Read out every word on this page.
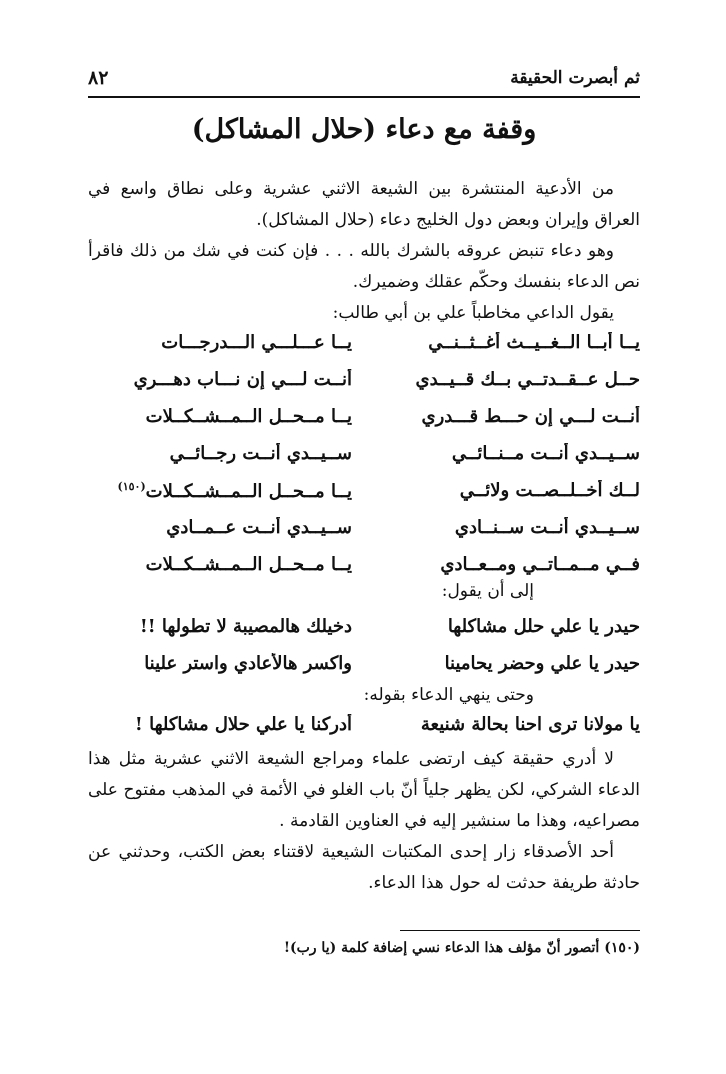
ثم أبصرت الحقيقة
٨٢
وقفة مع دعاء (حلال المشاكل)

من الأدعية المنتشرة بين الشيعة الاثني عشرية وعلى نطاق واسع في العراق وإيران وبعض دول الخليج دعاء (حلال المشاكل).

وهو دعاء تنبض عروقه بالشرك بالله . . . فإن كنت في شك من ذلك فاقرأ نص الدعاء بنفسك وحكّم عقلك وضميرك.

يقول الداعي مخاطباً علي بن أبي طالب:

يــا أبــا الــغــيــث أغــثــنــي
يــا عـــلـــي الـــدرجـــات
حــل عــقــدتــي بــك قــيــدي
أنــت لـــي إن نـــاب دهـــري
أنــت لـــي إن حـــط قـــدري
يــا مــحــل الــمــشــكــلات
ســيــدي أنــت مــنــائــي
ســيــدي أنــت رجــائــي
لــك أخــلــصــت ولائــي
يــا مــحــل الــمــشــكــلات$^{(١٥٠)}$
ســيــدي أنــت ســنــادي
ســيــدي أنــت عــمــادي
فــي مــمــاتــي ومــعــادي
يــا مــحــل الــمــشــكــلات

إلى أن يقول:

حيدر يا علي حلل مشاكلها
دخيلك هالمصيبة لا تطولها !!
حيدر يا علي وحضر يحامينا
واكسر هالأعادي واستر علينا

وحتى ينهي الدعاء بقوله:

يا مولانا ترى احنا بحالة شنيعة
أدركنا يا علي حلال مشاكلها !

لا أدري حقيقة كيف ارتضى علماء ومراجع الشيعة الاثني عشرية مثل هذا الدعاء الشركي، لكن يظهر جلياً أنّ باب الغلو في الأئمة في المذهب مفتوح على مصراعيه، وهذا ما سنشير إليه في العناوين القادمة .

أحد الأصدقاء زار إحدى المكتبات الشيعية لاقتناء بعض الكتب، وحدثني عن حادثة طريفة حدثت له حول هذا الدعاء.

(١٥٠) أتصور أنّ مؤلف هذا الدعاء نسي إضافة كلمة (يا رب)!
